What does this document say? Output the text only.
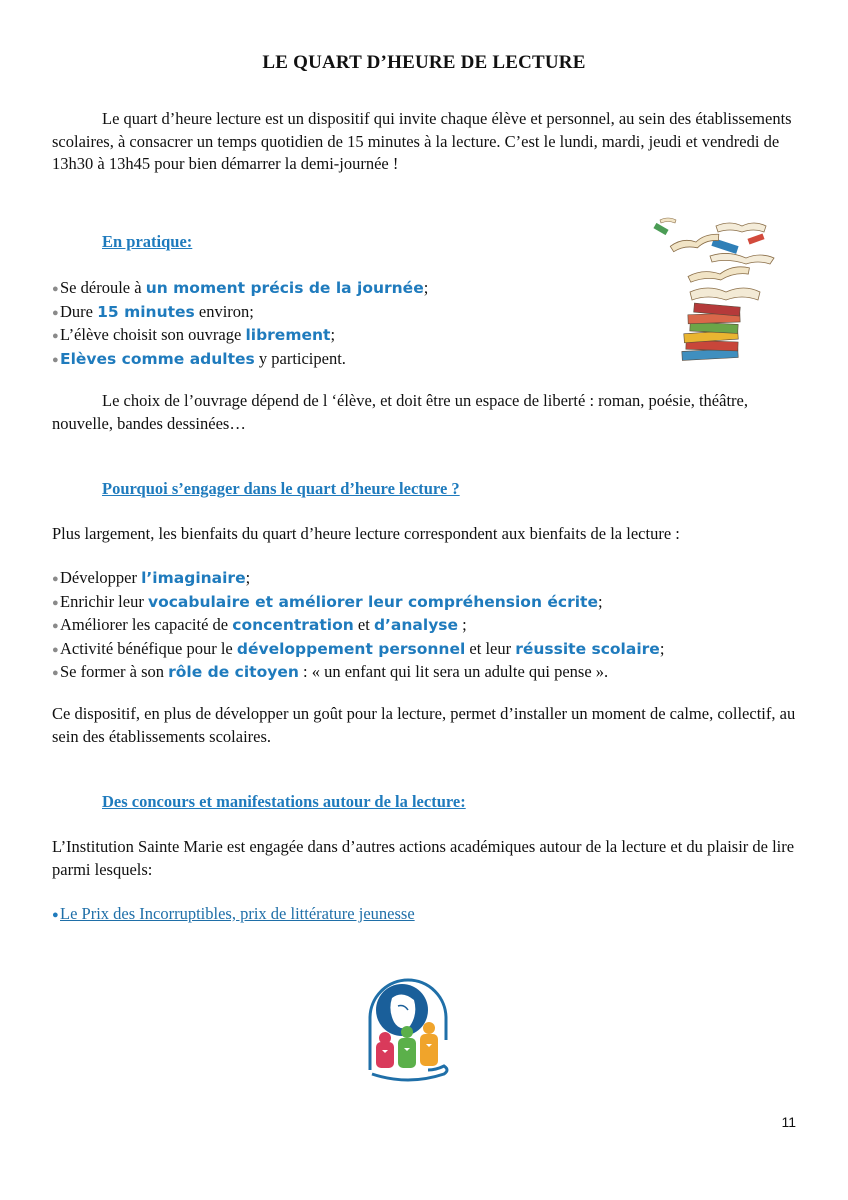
LE QUART D’HEURE DE LECTURE

Le quart d’heure lecture est un dispositif qui invite chaque élève et personnel, au sein des établissements scolaires, à consacrer un temps quotidien de 15 minutes à la lecture. C’est le lundi, mardi, jeudi et vendredi de 13h30 à 13h45 pour bien démarrer la demi-journée !

En pratique:
●Se déroule à un moment précis de la journée;
●Dure 15 minutes environ;
●L’élève choisit son ouvrage librement;
●Elèves comme adultes y participent.

Le choix de l’ouvrage dépend de l ‘élève, et doit être un espace de liberté : roman, poésie, théâtre, nouvelle, bandes dessinées…

Pourquoi s’engager dans le quart d’heure lecture ?

Plus largement, les bienfaits du quart d’heure lecture correspondent aux bienfaits de la lecture :

●Développer l’imaginaire;
●Enrichir leur vocabulaire et améliorer leur compréhension écrite;
●Améliorer les capacité de concentration et d’analyse ;
●Activité bénéfique pour le développement personnel et leur réussite scolaire;
●Se former à son rôle de citoyen : « un enfant qui lit sera un adulte qui pense ».

Ce dispositif, en plus de développer un goût pour la lecture, permet d’installer un moment de calme, collectif, au sein des établissements scolaires.

Des concours et manifestations autour de la lecture:

L’Institution Sainte Marie est engagée dans d’autres actions académiques autour de la lecture et du plaisir de lire parmi lesquels:

●Le Prix des Incorruptibles, prix de littérature jeunesse
11
